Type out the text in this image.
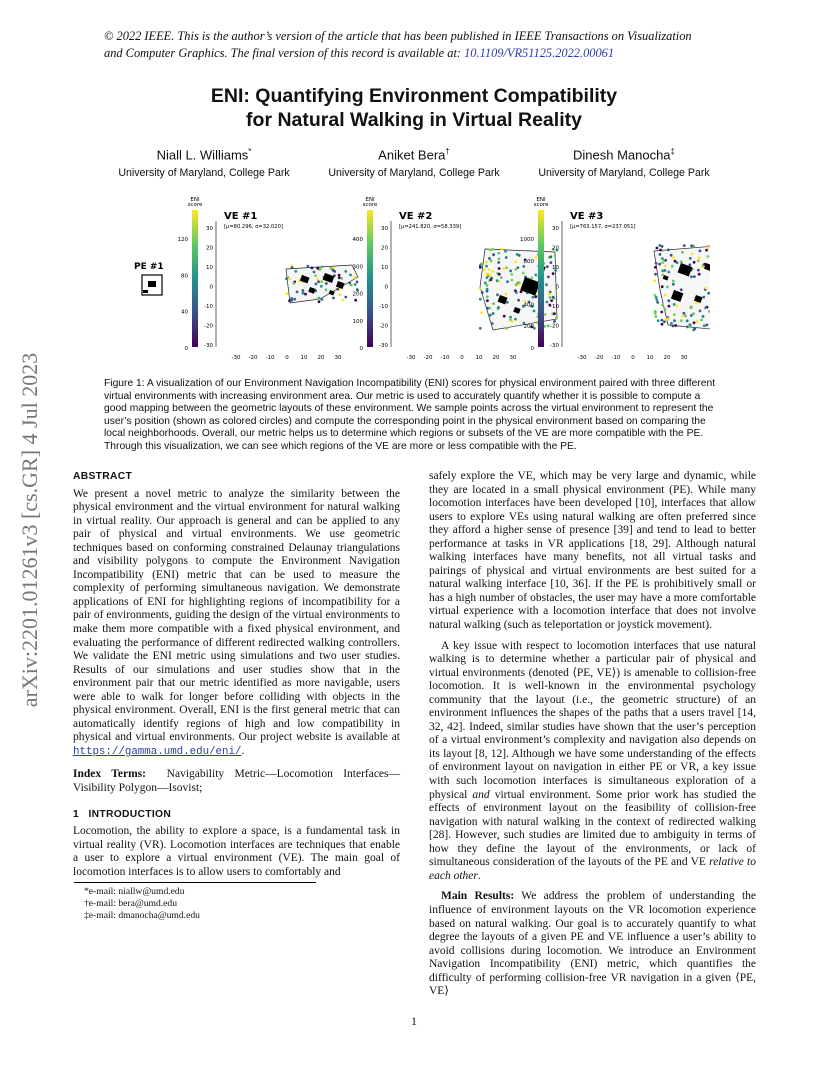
© 2022 IEEE. This is the author’s version of the article that has been published in IEEE Transactions on Visualization
and Computer Graphics. The final version of this record is available at: 10.1109/VR51125.2022.00061
ENI: Quantifying Environment Compatibility
for Natural Walking in Virtual Reality
Niall L. Williams*
University of Maryland, College Park
Aniket Bera†
University of Maryland, College Park
Dinesh Manocha‡
University of Maryland, College Park
arXiv:2201.01261v3 [cs.GR] 4 Jul 2023
PE #1
120
80
40
0
ENI
score
VE #1
[μ=80.296, σ=32.020]
30
20
10
0
-10
-20
-30
-30 -20 -10 0 10 20 30
400
300
200
100
0
ENI
score
VE #2
[μ=241.820, σ=58.339]
30
20
10
0
-10
-20
-30
-30 -20 -10 0 10 20 30
1000
800
600
400
200
0
ENI
score
VE #3
[μ=763.157, σ=237.051]
30
20
10
0
-10
-20
-30
-30 -20 -10 0 10 20 30
Figure 1: A visualization of our Environment Navigation Incompatibility (ENI) scores for physical environment paired with three different virtual environments with increasing environment area. Our metric is used to accurately quantify whether it is possible to compute a good mapping between the geometric layouts of these environment. We sample points across the virtual environment to represent the user’s position (shown as colored circles) and compute the corresponding point in the physical environment based on comparing the local neighborhoods. Overall, our metric helps us to determine which regions or subsets of the VE are more compatible with the PE. Through this visualization, we can see which regions of the VE are more or less compatible with the PE.
ABSTRACT

We present a novel metric to analyze the similarity between the physical environment and the virtual environment for natural walking in virtual reality. Our approach is general and can be applied to any pair of physical and virtual environments. We use geometric techniques based on conforming constrained Delaunay triangulations and visibility polygons to compute the Environment Navigation Incompatibility (ENI) metric that can be used to measure the complexity of performing simultaneous navigation. We demonstrate applications of ENI for highlighting regions of incompatibility for a pair of environments, guiding the design of the virtual environments to make them more compatible with a fixed physical environment, and evaluating the performance of different redirected walking controllers. We validate the ENI metric using simulations and two user studies. Results of our simulations and user studies show that in the environment pair that our metric identified as more navigable, users were able to walk for longer before colliding with objects in the physical environment. Overall, ENI is the first general metric that can automatically identify regions of high and low compatibility in physical and virtual environments. Our project website is available at https://gamma.umd.edu/eni/.

Index Terms: Navigability Metric—Locomotion Interfaces—Visibility Polygon—Isovist;

1 INTRODUCTION

Locomotion, the ability to explore a space, is a fundamental task in virtual reality (VR). Locomotion interfaces are techniques that enable a user to explore a virtual environment (VE). The main goal of locomotion interfaces is to allow users to comfortably and

*e-mail: niallw@umd.edu
†e-mail: bera@umd.edu
‡e-mail: dmanocha@umd.edu

safely explore the VE, which may be very large and dynamic, while they are located in a small physical environment (PE). While many locomotion interfaces have been developed [10], interfaces that allow users to explore VEs using natural walking are often preferred since they afford a higher sense of presence [39] and tend to lead to better performance at tasks in VR applications [18, 29]. Although natural walking interfaces have many benefits, not all virtual tasks and pairings of physical and virtual environments are best suited for a natural walking interface [10, 36]. If the PE is prohibitively small or has a high number of obstacles, the user may have a more comfortable virtual experience with a locomotion interface that does not involve natural walking (such as teleportation or joystick movement).

A key issue with respect to locomotion interfaces that use natural walking is to determine whether a particular pair of physical and virtual environments (denoted ⟨PE, VE⟩) is amenable to collision-free locomotion. It is well-known in the environmental psychology community that the layout (i.e., the geometric structure) of an environment influences the shapes of the paths that a users travel [14, 32, 42]. Indeed, similar studies have shown that the user’s perception of a virtual environment’s complexity and navigation also depends on its layout [8, 12]. Although we have some understanding of the effects of environment layout on navigation in either PE or VR, a key issue with such locomotion interfaces is simultaneous exploration of a physical and virtual environment. Some prior work has studied the effects of environment layout on the feasibility of collision-free navigation with natural walking in the context of redirected walking [28]. However, such studies are limited due to ambiguity in terms of how they define the layout of the environments, or lack of simultaneous consideration of the layouts of the PE and VE relative to each other.

Main Results: We address the problem of understanding the influence of environment layouts on the VR locomotion experience based on natural walking. Our goal is to accurately quantify to what degree the layouts of a given PE and VE influence a user’s ability to avoid collisions during locomotion. We introduce an Environment Navigation Incompatibility (ENI) metric, which quantifies the difficulty of performing collision-free VR navigation in a given ⟨PE, VE⟩

1
